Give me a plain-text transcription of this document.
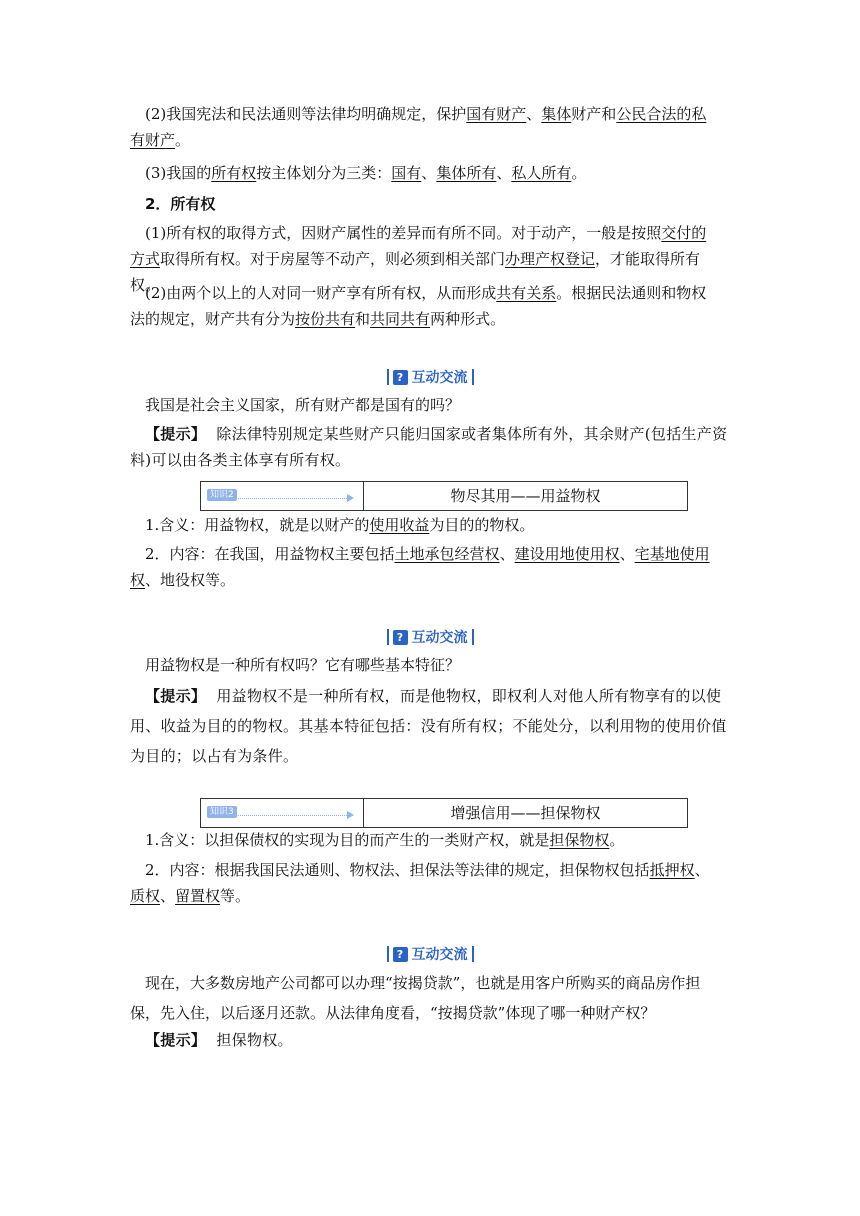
(2)我国宪法和民法通则等法律均明确规定，保护国有财产、集体财产和公民合法的私
有财产。

(3)我国的所有权按主体划分为三类：国有、集体所有、私人所有。

2．所有权

(1)所有权的取得方式，因财产属性的差异而有所不同。对于动产，一般是按照交付的
方式取得所有权。对于房屋等不动产，则必须到相关部门办理产权登记，才能取得所有权。

(2)由两个以上的人对同一财产享有所有权，从而形成共有关系。根据民法通则和物权
法的规定，财产共有分为按份共有和共同共有两种形式。

? 互动交流

我国是社会主义国家，所有财产都是国有的吗？

【提示】 除法律特别规定某些财产只能归国家或者集体所有外，其余财产(包括生产资料)可以由各类主体享有所有权。

知识2	物尽其用——用益物权

1.含义：用益物权，就是以财产的使用收益为目的的物权。

2．内容：在我国，用益物权主要包括土地承包经营权、建设用地使用权、宅基地使用
权、地役权等。

? 互动交流

用益物权是一种所有权吗？它有哪些基本特征？

【提示】 用益物权不是一种所有权，而是他物权，即权利人对他人所有物享有的以使用、收益为目的的物权。其基本特征包括：没有所有权；不能处分，以利用物的使用价值为目的；以占有为条件。

知识3	增强信用——担保物权

1.含义：以担保债权的实现为目的而产生的一类财产权，就是担保物权。

2．内容：根据我国民法通则、物权法、担保法等法律的规定，担保物权包括抵押权、
质权、留置权等。

? 互动交流

现在，大多数房地产公司都可以办理“按揭贷款”，也就是用客户所购买的商品房作担保，先入住，以后逐月还款。从法律角度看，“按揭贷款”体现了哪一种财产权？

【提示】 担保物权。
